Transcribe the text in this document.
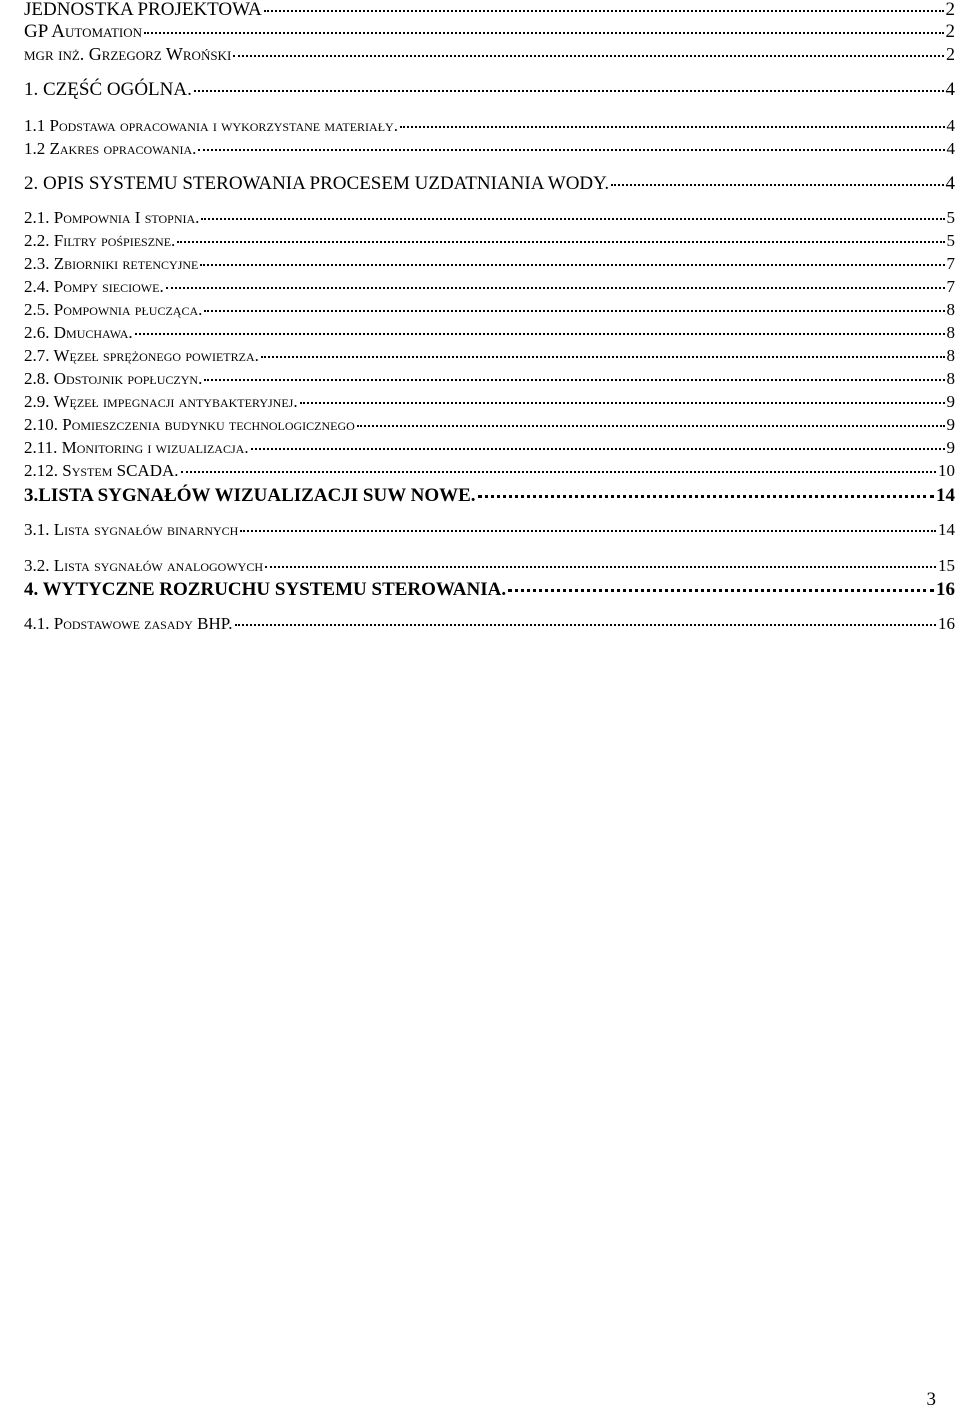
JEDNOSTKA PROJEKTOWA	2
GP Automation	2
mgr inż. Grzegorz Wroński	2
1. CZĘŚĆ OGÓLNA.	4
1.1 Podstawa opracowania i wykorzystane materiały.	4
1.2 Zakres opracowania.	4
2. OPIS SYSTEMU STEROWANIA PROCESEM UZDATNIANIA WODY.	4
2.1. Pompownia I stopnia.	5
2.2. Filtry pośpieszne.	5
2.3. Zbiorniki retencyjne	7
2.4. Pompy sieciowe.	7
2.5. Pompownia płucząca.	8
2.6. Dmuchawa.	8
2.7. Węzeł sprężonego powietrza.	8
2.8. Odstojnik popłuczyn.	8
2.9. Węzeł impegnacji antybakteryjnej.	9
2.10. Pomieszczenia budynku technologicznego	9
2.11. Monitoring i wizualizacja.	9
2.12. System SCADA.	10
3.LISTA SYGNAŁÓW WIZUALIZACJI SUW NOWE.	14
3.1. Lista sygnałów binarnych	14
3.2. Lista sygnałów analogowych	15
4. WYTYCZNE ROZRUCHU SYSTEMU STEROWANIA.	16
4.1. Podstawowe zasady BHP.	16
3
